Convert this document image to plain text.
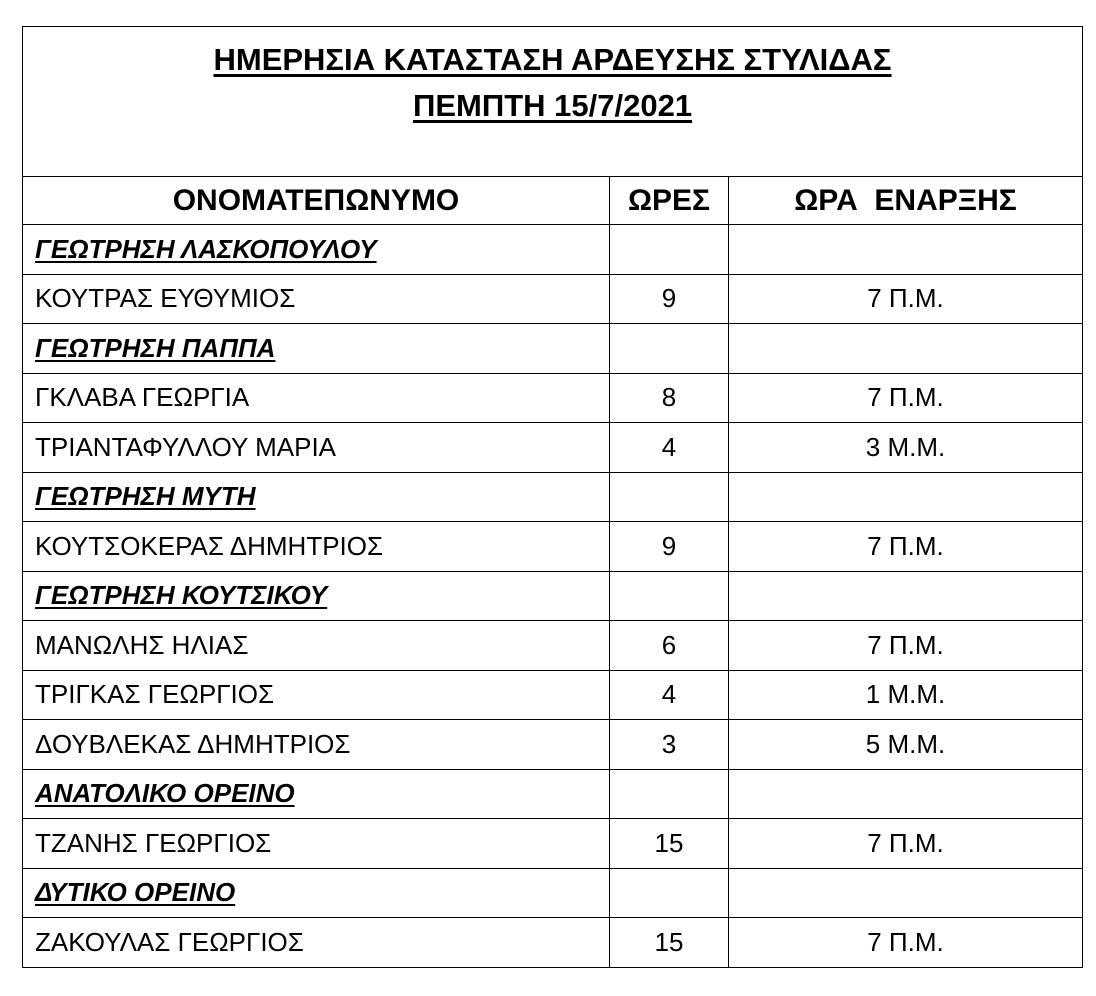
ΗΜΕΡΗΣΙΑ ΚΑΤΑΣΤΑΣΗ ΑΡΔΕΥΣΗΣ ΣΤΥΛΙΔΑΣ
ΠΕΜΠΤΗ 15/7/2021		

ΟΝΟΜΑΤΕΠΩΝΥΜΟ	ΩΡΕΣ	ΩΡΑ  ΕΝΑΡΞΗΣ
ΓΕΩΤΡΗΣΗ ΛΑΣΚΟΠΟΥΛΟΥ		
ΚΟΥΤΡΑΣ ΕΥΘΥΜΙΟΣ	9	7 Π.Μ.
ΓΕΩΤΡΗΣΗ ΠΑΠΠΑ		
ΓΚΛΑΒΑ ΓΕΩΡΓΙΑ	8	7 Π.Μ.
ΤΡΙΑΝΤΑΦΥΛΛΟΥ ΜΑΡΙΑ	4	3 Μ.Μ.
ΓΕΩΤΡΗΣΗ ΜΥΤΗ		
ΚΟΥΤΣΟΚΕΡΑΣ ΔΗΜΗΤΡΙΟΣ	9	7 Π.Μ.
ΓΕΩΤΡΗΣΗ ΚΟΥΤΣΙΚΟΥ		
ΜΑΝΩΛΗΣ ΗΛΙΑΣ	6	7 Π.Μ.
ΤΡΙΓΚΑΣ ΓΕΩΡΓΙΟΣ	4	1 Μ.Μ.
ΔΟΥΒΛΕΚΑΣ ΔΗΜΗΤΡΙΟΣ	3	5 Μ.Μ.
ΑΝΑΤΟΛΙΚΟ ΟΡΕΙΝΟ		
ΤΖΑΝΗΣ ΓΕΩΡΓΙΟΣ	15	7 Π.Μ.
ΔΥΤΙΚΟ ΟΡΕΙΝΟ		
ΖΑΚΟΥΛΑΣ ΓΕΩΡΓΙΟΣ	15	7 Π.Μ.
